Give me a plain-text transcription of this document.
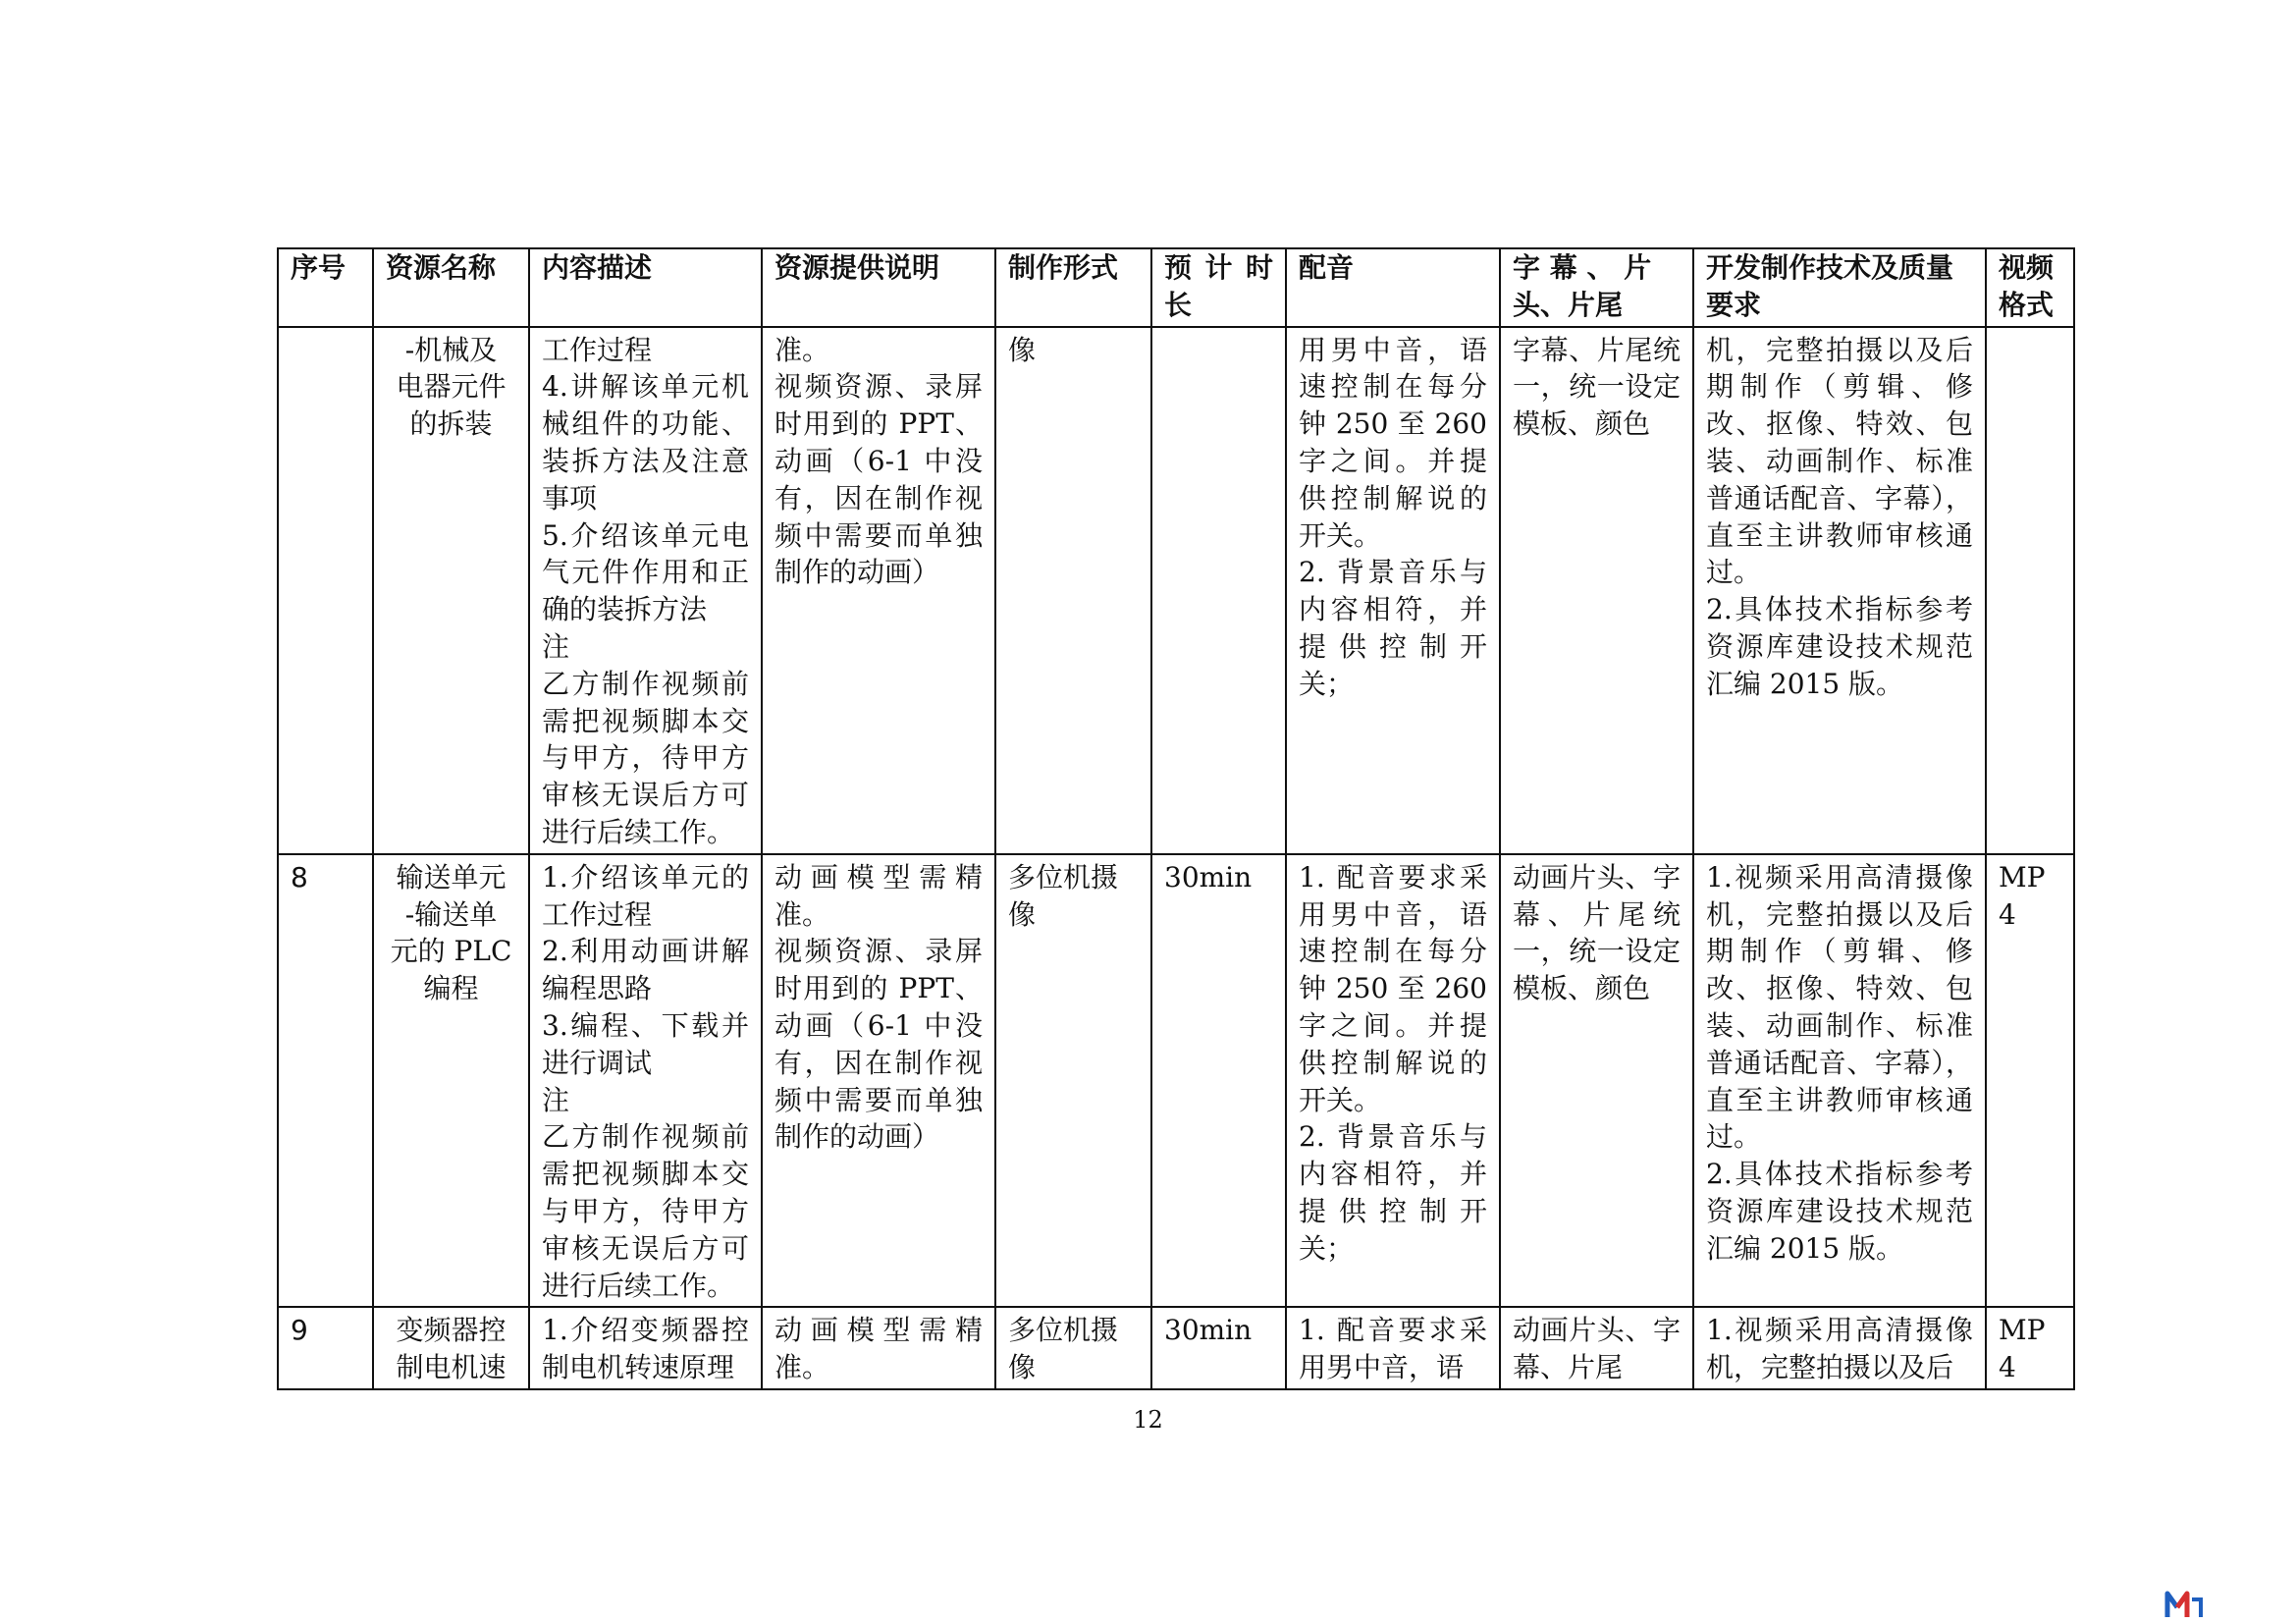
序号	资源名称	内容描述	资源提供说明	制作形式	预 计 时长	配音	字 幕 、 片头、片尾	开发制作技术及质量要求	视频格式

	-机械及
电器元件
的拆装	工作过程
4.讲解该单元机械组件的功能、装拆方法及注意事项
5.介绍该单元电气元件作用和正确的装拆方法
注
乙方制作视频前需把视频脚本交与甲方，待甲方审核无误后方可进行后续工作。	准。
视频资源、录屏时用到的 PPT、动画（6-1 中没有，因在制作视频中需要而单独制作的动画）	像		用男中音，语速控制在每分钟 250 至 260 字之间。并提供控制解说的开关。
2. 背景音乐与内容相符，并提供控制开关；	字幕、片尾统一，统一设定模板、颜色	机，完整拍摄以及后期制作（剪辑、修改、抠像、特效、包装、动画制作、标准普通话配音、字幕），直至主讲教师审核通过。
2.具体技术指标参考资源库建设技术规范汇编 2015 版。	

8	输送单元
-输送单
元的 PLC
编程	1.介绍该单元的工作过程
2.利用动画讲解编程思路
3.编程、下载并进行调试
注
乙方制作视频前需把视频脚本交与甲方，待甲方审核无误后方可进行后续工作。	动画模型需精准。
视频资源、录屏时用到的 PPT、动画（6-1 中没有，因在制作视频中需要而单独制作的动画）	多位机摄像	30min	1. 配音要求采用男中音，语速控制在每分钟 250 至 260 字之间。并提供控制解说的开关。
2. 背景音乐与内容相符，并提供控制开关；	动画片头、字幕、片尾统一，统一设定模板、颜色	1.视频采用高清摄像机，完整拍摄以及后期制作（剪辑、修改、抠像、特效、包装、动画制作、标准普通话配音、字幕），直至主讲教师审核通过。
2.具体技术指标参考资源库建设技术规范汇编 2015 版。	MP4
9	变频器控
制电机速	1.介绍变频器控制电机转速原理	动画模型需精准。	多位机摄像	30min	1. 配音要求采用男中音，语	动画片头、字幕、片尾	1.视频采用高清摄像机，完整拍摄以及后	MP4
12
